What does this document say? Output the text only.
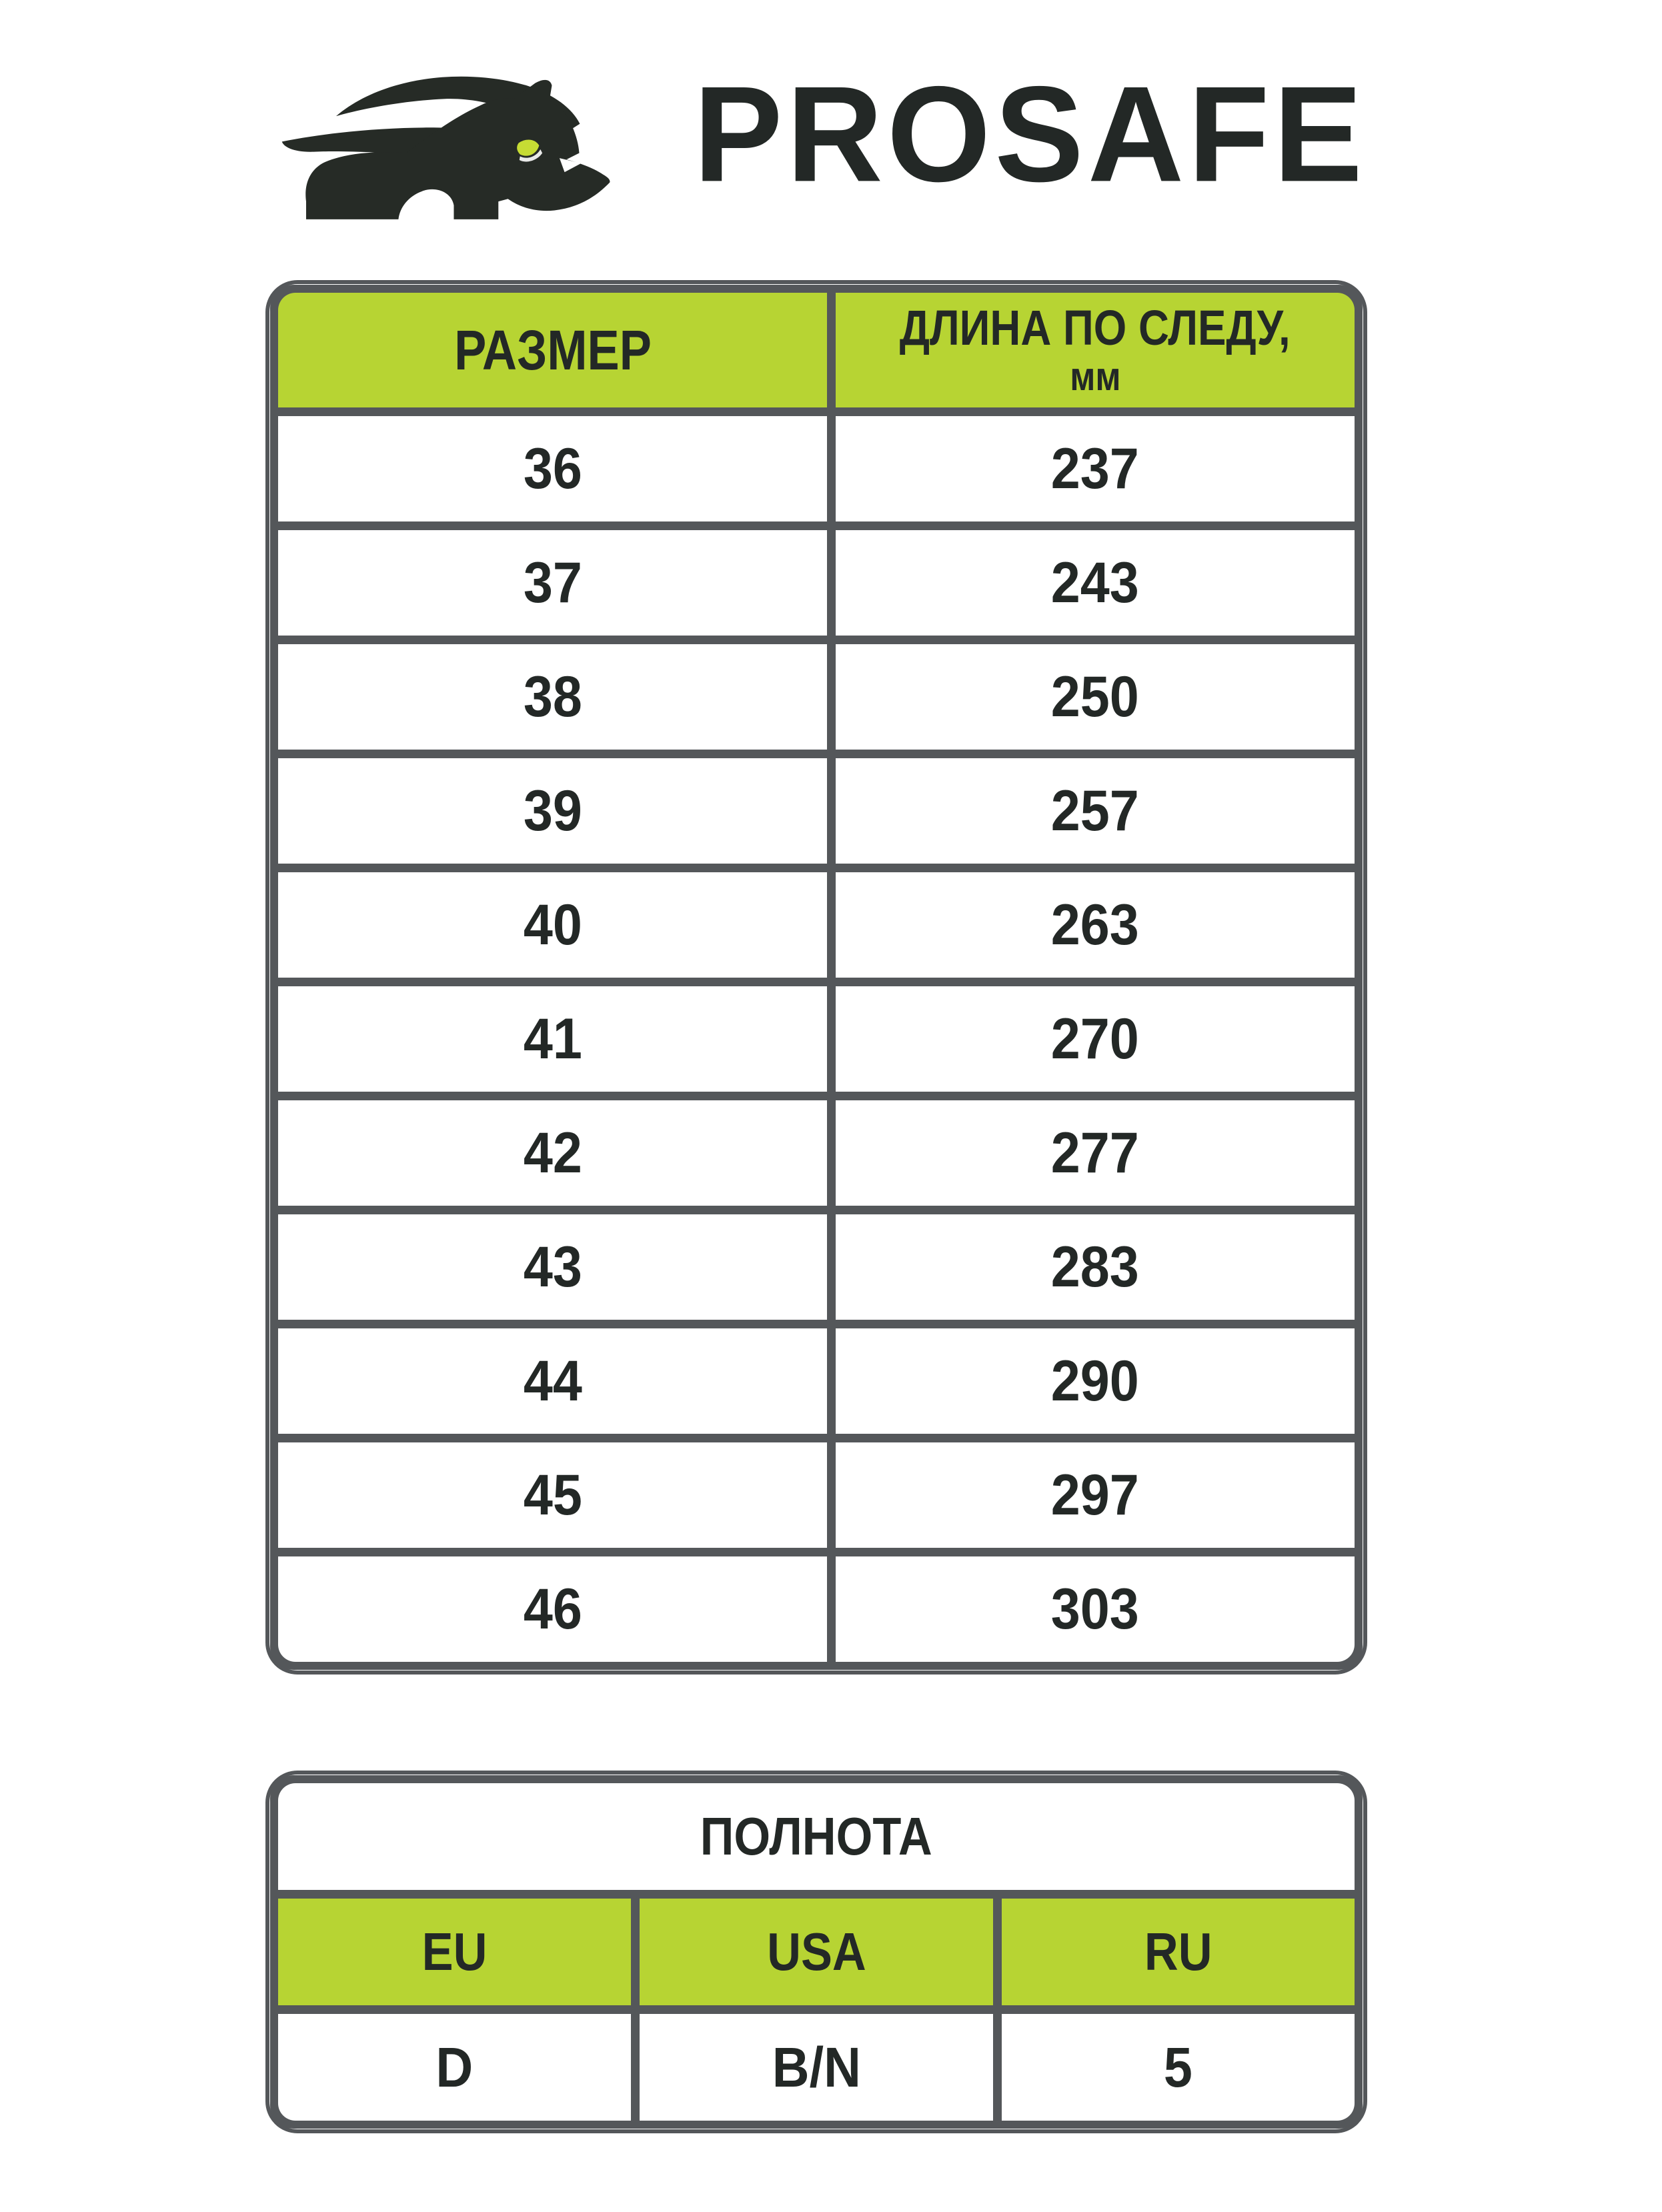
PROSAFE
РАЗМЕР	ДЛИНА ПО СЛЕДУ,
мм
36	237
37	243
38	250
39	257
40	263
41	270
42	277
43	283
44	290
45	297
46	303
ПОЛНОТА
EU	USA	RU
D	B/N	5
